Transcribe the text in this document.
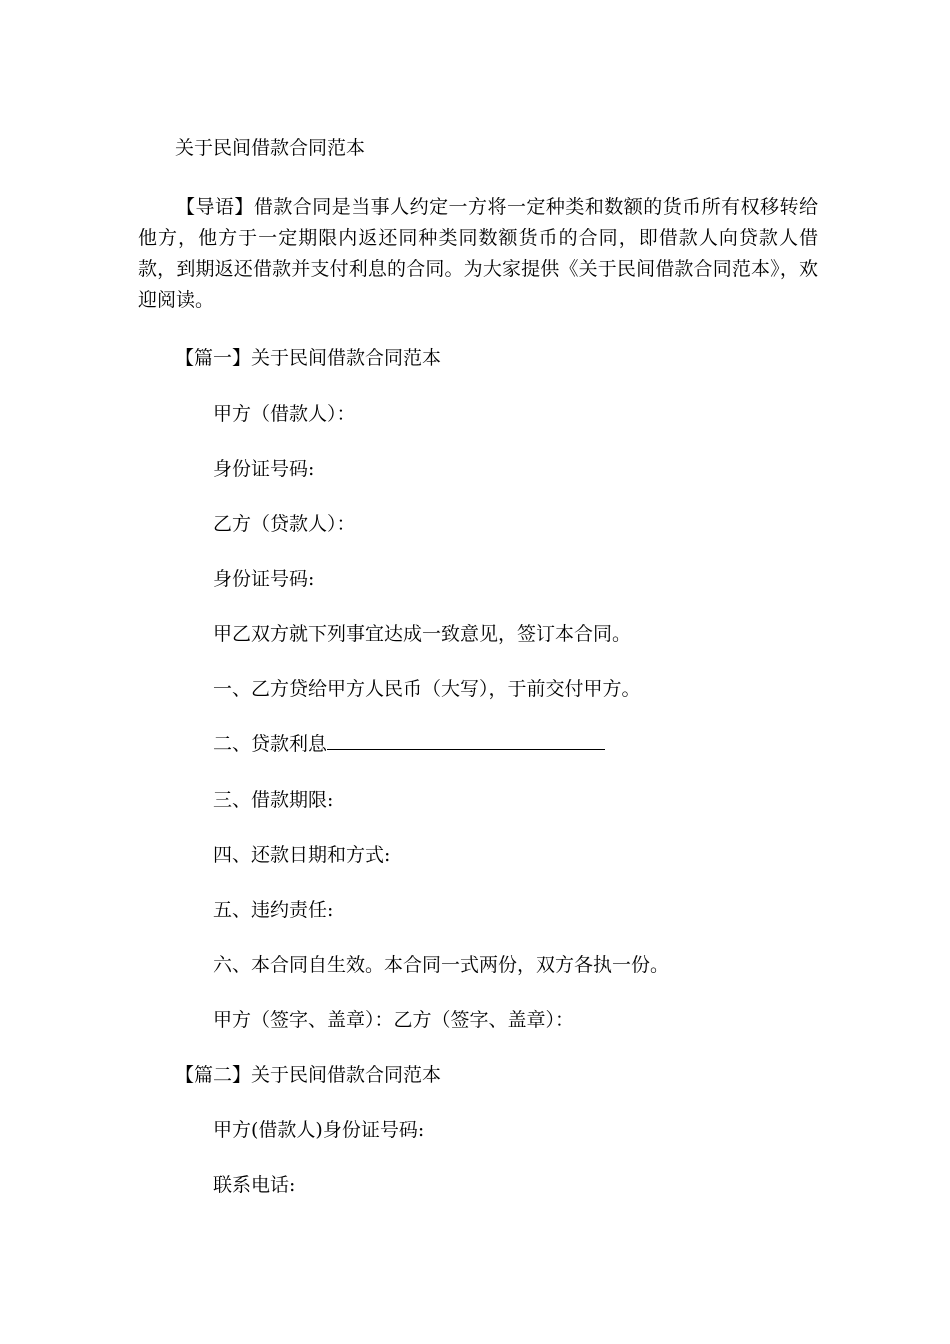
关于民间借款合同范本

【导语】借款合同是当事人约定一方将一定种类和数额的货币所有权移转给他方，他方于一定期限内返还同种类同数额货币的合同，即借款人向贷款人借款，到期返还借款并支付利息的合同。为大家提供《关于民间借款合同范本》，欢迎阅读。

【篇一】关于民间借款合同范本

甲方（借款人）：

身份证号码:

乙方（贷款人）：

身份证号码:

甲乙双方就下列事宜达成一致意见，签订本合同。

一、乙方贷给甲方人民币（大写），于前交付甲方。

二、贷款利息

三、借款期限:

四、还款日期和方式:

五、违约责任:

六、本合同自生效。本合同一式两份，双方各执一份。

甲方（签字、盖章）：乙方（签字、盖章）：

【篇二】关于民间借款合同范本

甲方(借款人)身份证号码:

联系电话:
